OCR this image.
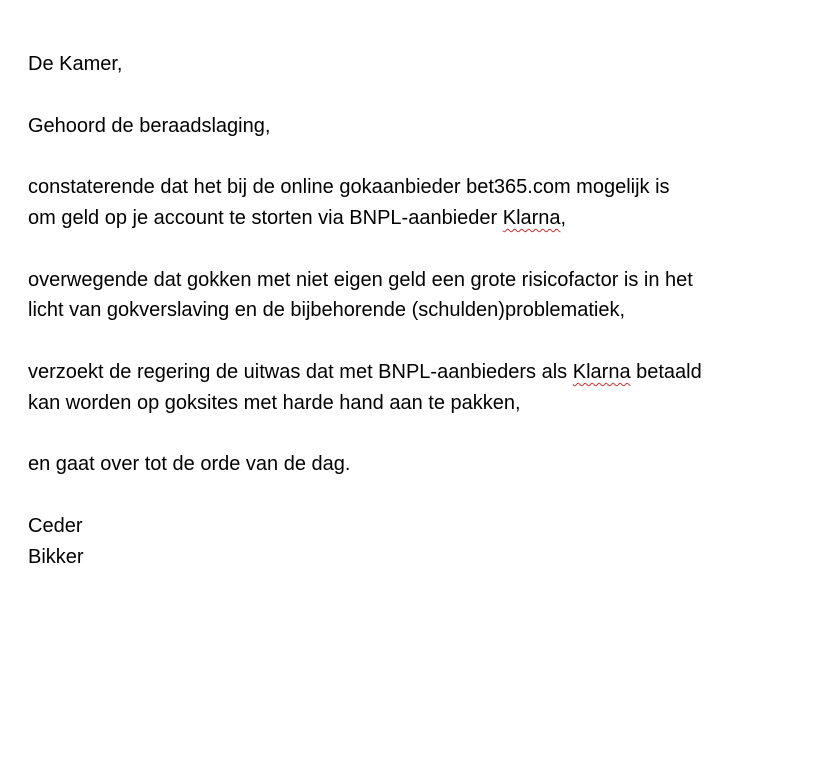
De Kamer,

Gehoord de beraadslaging,

constaterende dat het bij de online gokaanbieder bet365.com mogelijk is
om geld op je account te storten via BNPL-aanbieder Klarna,

overwegende dat gokken met niet eigen geld een grote risicofactor is in het
licht van gokverslaving en de bijbehorende (schulden)problematiek,

verzoekt de regering de uitwas dat met BNPL-aanbieders als Klarna betaald
kan worden op goksites met harde hand aan te pakken,

en gaat over tot de orde van de dag.

Ceder
Bikker
